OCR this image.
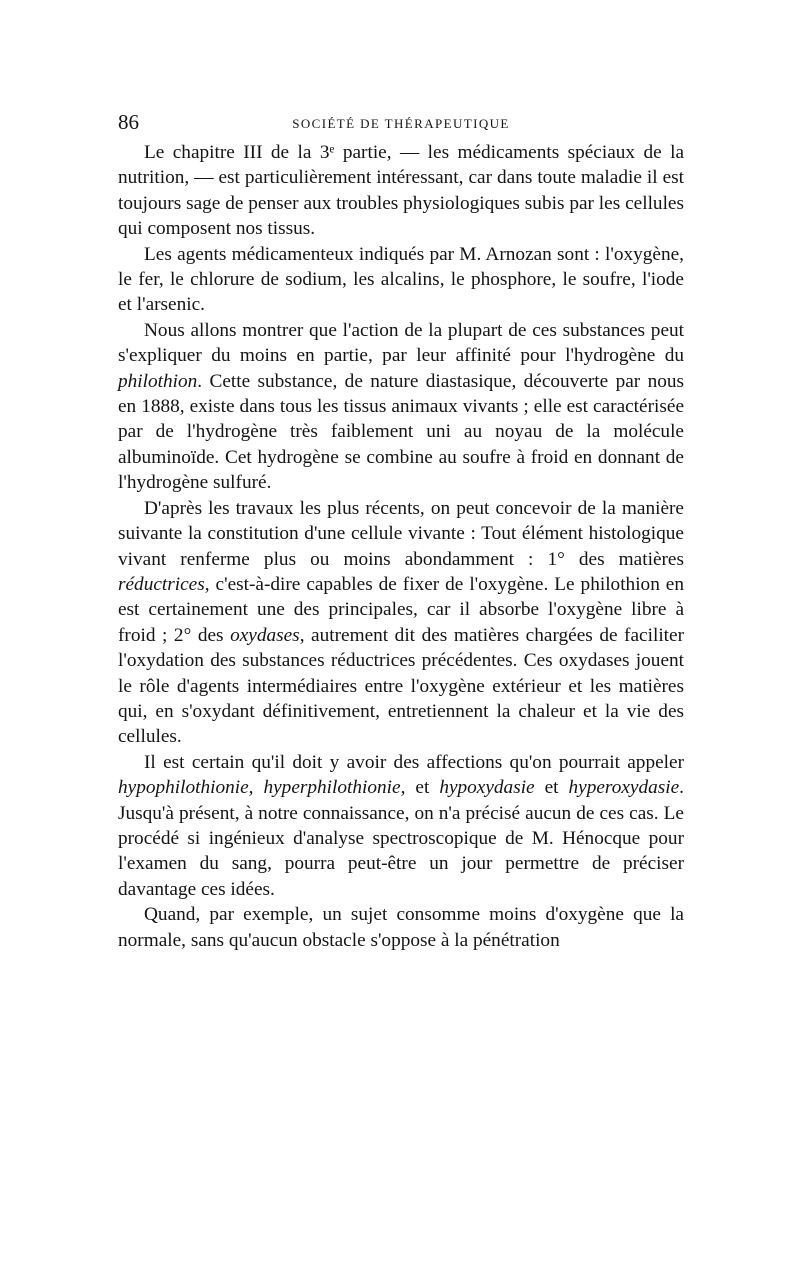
86	SOCIÉTÉ DE THÉRAPEUTIQUE

Le chapitre III de la 3ᵉ partie, — les médicaments spéciaux de la nutrition, — est particulièrement intéressant, car dans toute maladie il est toujours sage de penser aux troubles physiologiques subis par les cellules qui composent nos tissus.

Les agents médicamenteux indiqués par M. Arnozan sont : l'oxygène, le fer, le chlorure de sodium, les alcalins, le phosphore, le soufre, l'iode et l'arsenic.

Nous allons montrer que l'action de la plupart de ces substances peut s'expliquer du moins en partie, par leur affinité pour l'hydrogène du philothion. Cette substance, de nature diastasique, découverte par nous en 1888, existe dans tous les tissus animaux vivants ; elle est caractérisée par de l'hydrogène très faiblement uni au noyau de la molécule albuminoïde. Cet hydrogène se combine au soufre à froid en donnant de l'hydrogène sulfuré.

D'après les travaux les plus récents, on peut concevoir de la manière suivante la constitution d'une cellule vivante : Tout élément histologique vivant renferme plus ou moins abondamment : 1° des matières réductrices, c'est-à-dire capables de fixer de l'oxygène. Le philothion en est certainement une des principales, car il absorbe l'oxygène libre à froid ; 2° des oxydases, autrement dit des matières chargées de faciliter l'oxydation des substances réductrices précédentes. Ces oxydases jouent le rôle d'agents intermédiaires entre l'oxygène extérieur et les matières qui, en s'oxydant définitivement, entretiennent la chaleur et la vie des cellules.

Il est certain qu'il doit y avoir des affections qu'on pourrait appeler hypophilothionie, hyperphilothionie, et hypoxydasie et hyperoxydasie. Jusqu'à présent, à notre connaissance, on n'a précisé aucun de ces cas. Le procédé si ingénieux d'analyse spectroscopique de M. Hénocque pour l'examen du sang, pourra peut-être un jour permettre de préciser davantage ces idées.

Quand, par exemple, un sujet consomme moins d'oxygène que la normale, sans qu'aucun obstacle s'oppose à la pénétration
